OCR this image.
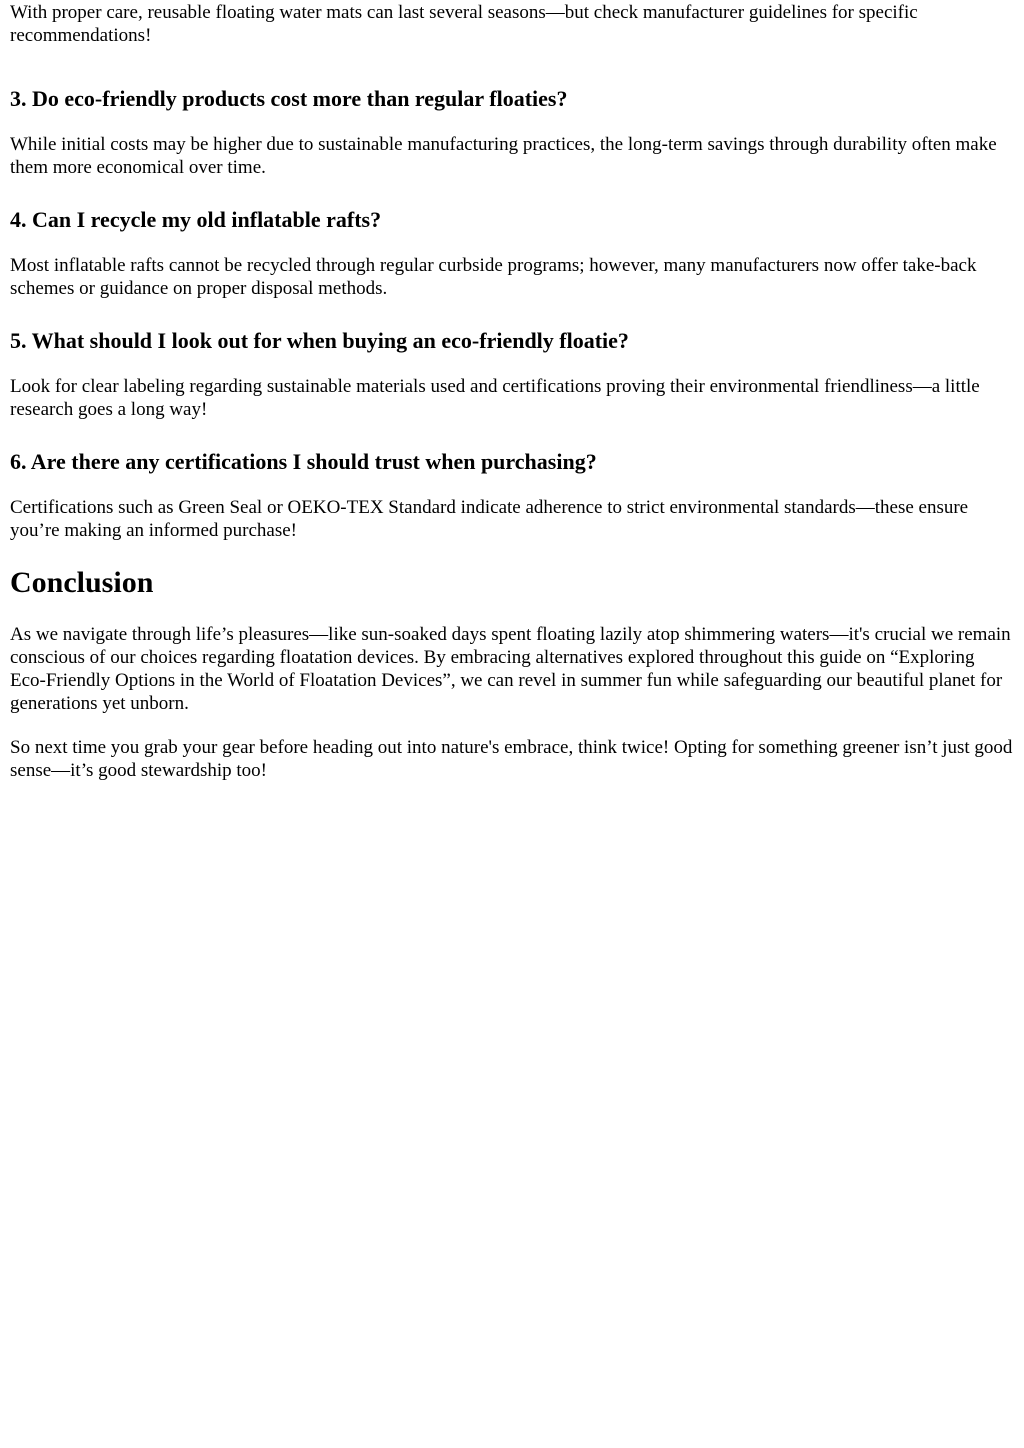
With proper care, reusable floating water mats can last several seasons—but check manufacturer guidelines for specific recommendations!

3. Do eco-friendly products cost more than regular floaties?

While initial costs may be higher due to sustainable manufacturing practices, the long-term savings through durability often make them more economical over time.

4. Can I recycle my old inflatable rafts?

Most inflatable rafts cannot be recycled through regular curbside programs; however, many manufacturers now offer take-back schemes or guidance on proper disposal methods.

5. What should I look out for when buying an eco-friendly floatie?

Look for clear labeling regarding sustainable materials used and certifications proving their environmental friendliness—a little research goes a long way!

6. Are there any certifications I should trust when purchasing?

Certifications such as Green Seal or OEKO-TEX Standard indicate adherence to strict environmental standards—these ensure you’re making an informed purchase!

Conclusion

As we navigate through life’s pleasures—like sun-soaked days spent floating lazily atop shimmering waters—it's crucial we remain conscious of our choices regarding floatation devices. By embracing alternatives explored throughout this guide on “Exploring Eco-Friendly Options in the World of Floatation Devices”, we can revel in summer fun while safeguarding our beautiful planet for generations yet unborn.

So next time you grab your gear before heading out into nature's embrace, think twice! Opting for something greener isn’t just good sense—it’s good stewardship too!
